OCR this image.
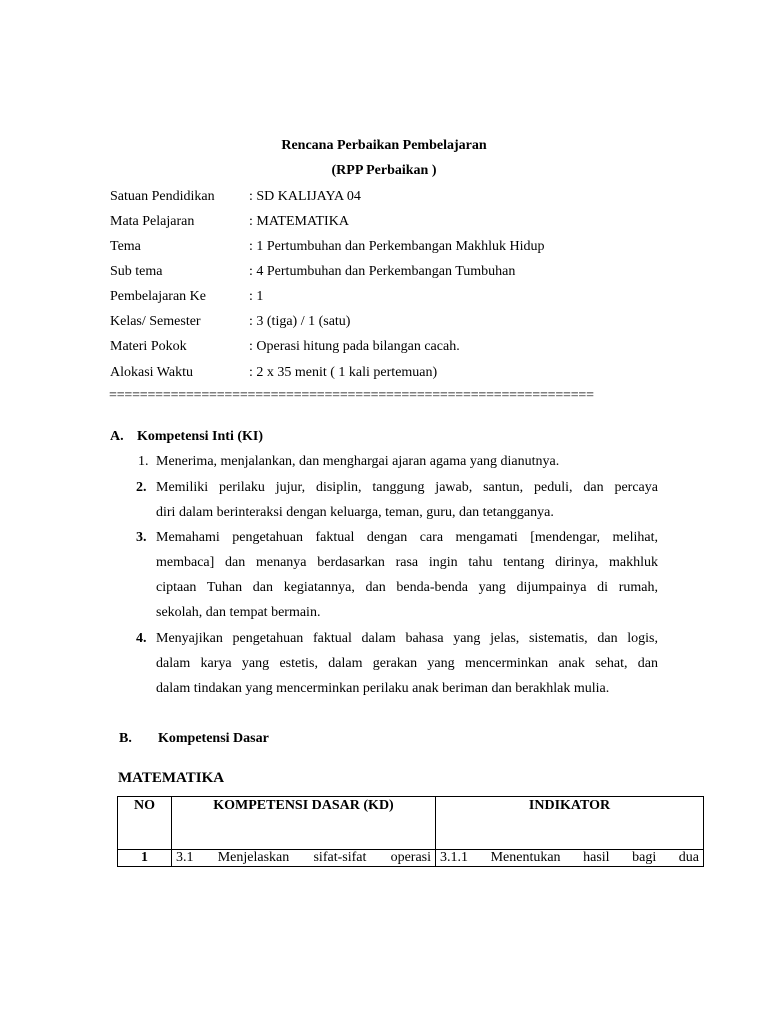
Rencana Perbaikan Pembelajaran
(RPP Perbaikan )
Satuan Pendidikan : SD KALIJAYA 04
Mata Pelajaran	: MATEMATIKA
Tema	: 1 Pertumbuhan dan Perkembangan Makhluk Hidup
Sub tema	: 4 Pertumbuhan dan Perkembangan Tumbuhan
Pembelajaran Ke	: 1
Kelas/ Semester	: 3 (tiga) / 1 (satu)
Materi Pokok	: Operasi hitung pada bilangan cacah.
Alokasi Waktu	: 2 x 35 menit ( 1 kali pertemuan)
===============================================================
A. Kompetensi Inti (KI)
1. Menerima, menjalankan, dan menghargai ajaran agama yang dianutnya.
2. Memiliki perilaku jujur, disiplin, tanggung jawab, santun, peduli, dan percaya
diri dalam berinteraksi dengan keluarga, teman, guru, dan tetangganya.
3. Memahami pengetahuan faktual dengan cara mengamati [mendengar, melihat,
membaca] dan menanya berdasarkan rasa ingin tahu tentang dirinya, makhluk
ciptaan Tuhan dan kegiatannya, dan benda-benda yang dijumpainya di rumah,
sekolah, dan tempat bermain.
4. Menyajikan pengetahuan faktual dalam bahasa yang jelas, sistematis, dan logis,
dalam karya yang estetis, dalam gerakan yang mencerminkan anak sehat, dan
dalam tindakan yang mencerminkan perilaku anak beriman dan berakhlak mulia.
B. Kompetensi Dasar
MATEMATIKA
NO	KOMPETENSI DASAR (KD)	INDIKATOR
1	3.1 Menjelaskan sifat-sifat operasi	3.1.1 Menentukan hasil bagi dua
